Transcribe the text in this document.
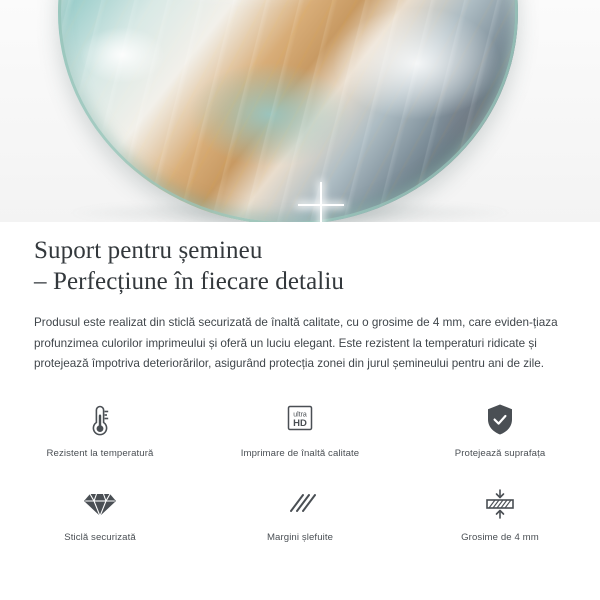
Suport pentru șemineu
– Perfecțiune în fiecare detaliu

Produsul este realizat din sticlă securizată de înaltă calitate, cu o grosime de 4 mm, care eviden-țiaza profunzimea culorilor imprimeului și oferă un luciu elegant. Este rezistent la temperaturi ridicate și protejează împotriva deteriorărilor, asigurând protecția zonei din jurul șemineului pentru ani de zile.

Rezistent la temperatură
ultra
HD
Imprimare de înaltă calitate	Protejează suprafața
Sticlă securizată	Margini șlefuite	Grosime de 4 mm
